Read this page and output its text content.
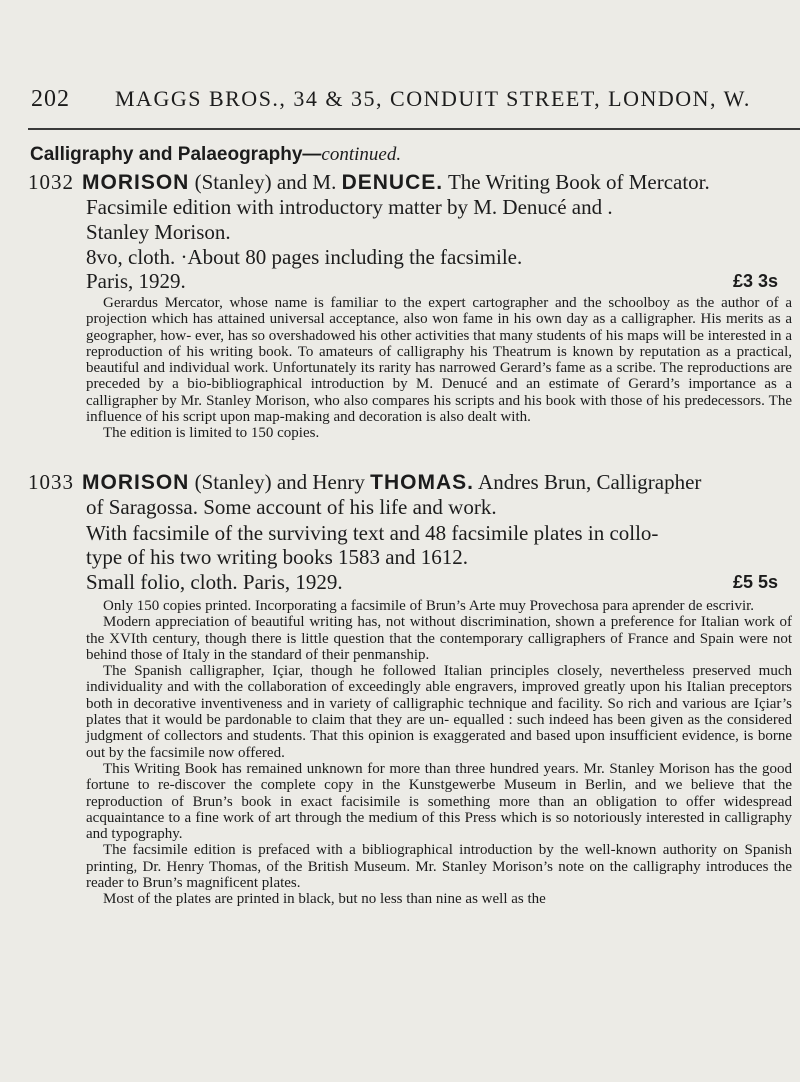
202 MAGGS BROS., 34 & 35, CONDUIT STREET, LONDON, W.
Calligraphy and Palaeography—continued.
1032 MORISON (Stanley) and M. DENUCE. The Writing Book of Mercator.
Facsimile edition with introductory matter by M. Denucé and .
Stanley Morison.
8vo, cloth. ·About 80 pages including the facsimile.
Paris, 1929.	£3 3s

Gerardus Mercator, whose name is familiar to the expert cartographer and the schoolboy as the author of a projection which has attained universal acceptance, also won fame in his own day as a calligrapher. His merits as a geographer, how- ever, has so overshadowed his other activities that many students of his maps will be interested in a reproduction of his writing book. To amateurs of calligraphy his Theatrum is known by reputation as a practical, beautiful and individual work. Unfortunately its rarity has narrowed Gerard’s fame as a scribe. The reproductions are preceded by a bio-bibliographical introduction by M. Denucé and an estimate of Gerard’s importance as a calligrapher by Mr. Stanley Morison, who also compares his scripts and his book with those of his predecessors. The influence of his script upon map-making and decoration is also dealt with.

The edition is limited to 150 copies.

1033 MORISON (Stanley) and Henry THOMAS. Andres Brun, Calligrapher
of Saragossa. Some account of his life and work.
With facsimile of the surviving text and 48 facsimile plates in collo-
type of his two writing books 1583 and 1612.
Small folio, cloth. Paris, 1929.	£5 5s

Only 150 copies printed. Incorporating a facsimile of Brun’s Arte muy Provechosa para aprender de escrivir.

Modern appreciation of beautiful writing has, not without discrimination, shown a preference for Italian work of the XVIth century, though there is little question that the contemporary calligraphers of France and Spain were not behind those of Italy in the standard of their penmanship.

The Spanish calligrapher, Içiar, though he followed Italian principles closely, nevertheless preserved much individuality and with the collaboration of exceedingly able engravers, improved greatly upon his Italian preceptors both in decorative inventiveness and in variety of calligraphic technique and facility. So rich and various are Içiar’s plates that it would be pardonable to claim that they are un- equalled : such indeed has been given as the considered judgment of collectors and students. That this opinion is exaggerated and based upon insufficient evidence, is borne out by the facsimile now offered.

This Writing Book has remained unknown for more than three hundred years. Mr. Stanley Morison has the good fortune to re-discover the complete copy in the Kunstgewerbe Museum in Berlin, and we believe that the reproduction of Brun’s book in exact facisimile is something more than an obligation to offer widespread acquaintance to a fine work of art through the medium of this Press which is so notoriously interested in calligraphy and typography.

The facsimile edition is prefaced with a bibliographical introduction by the well-known authority on Spanish printing, Dr. Henry Thomas, of the British Museum. Mr. Stanley Morison’s note on the calligraphy introduces the reader to Brun’s magnificent plates.

Most of the plates are printed in black, but no less than nine as well as the
